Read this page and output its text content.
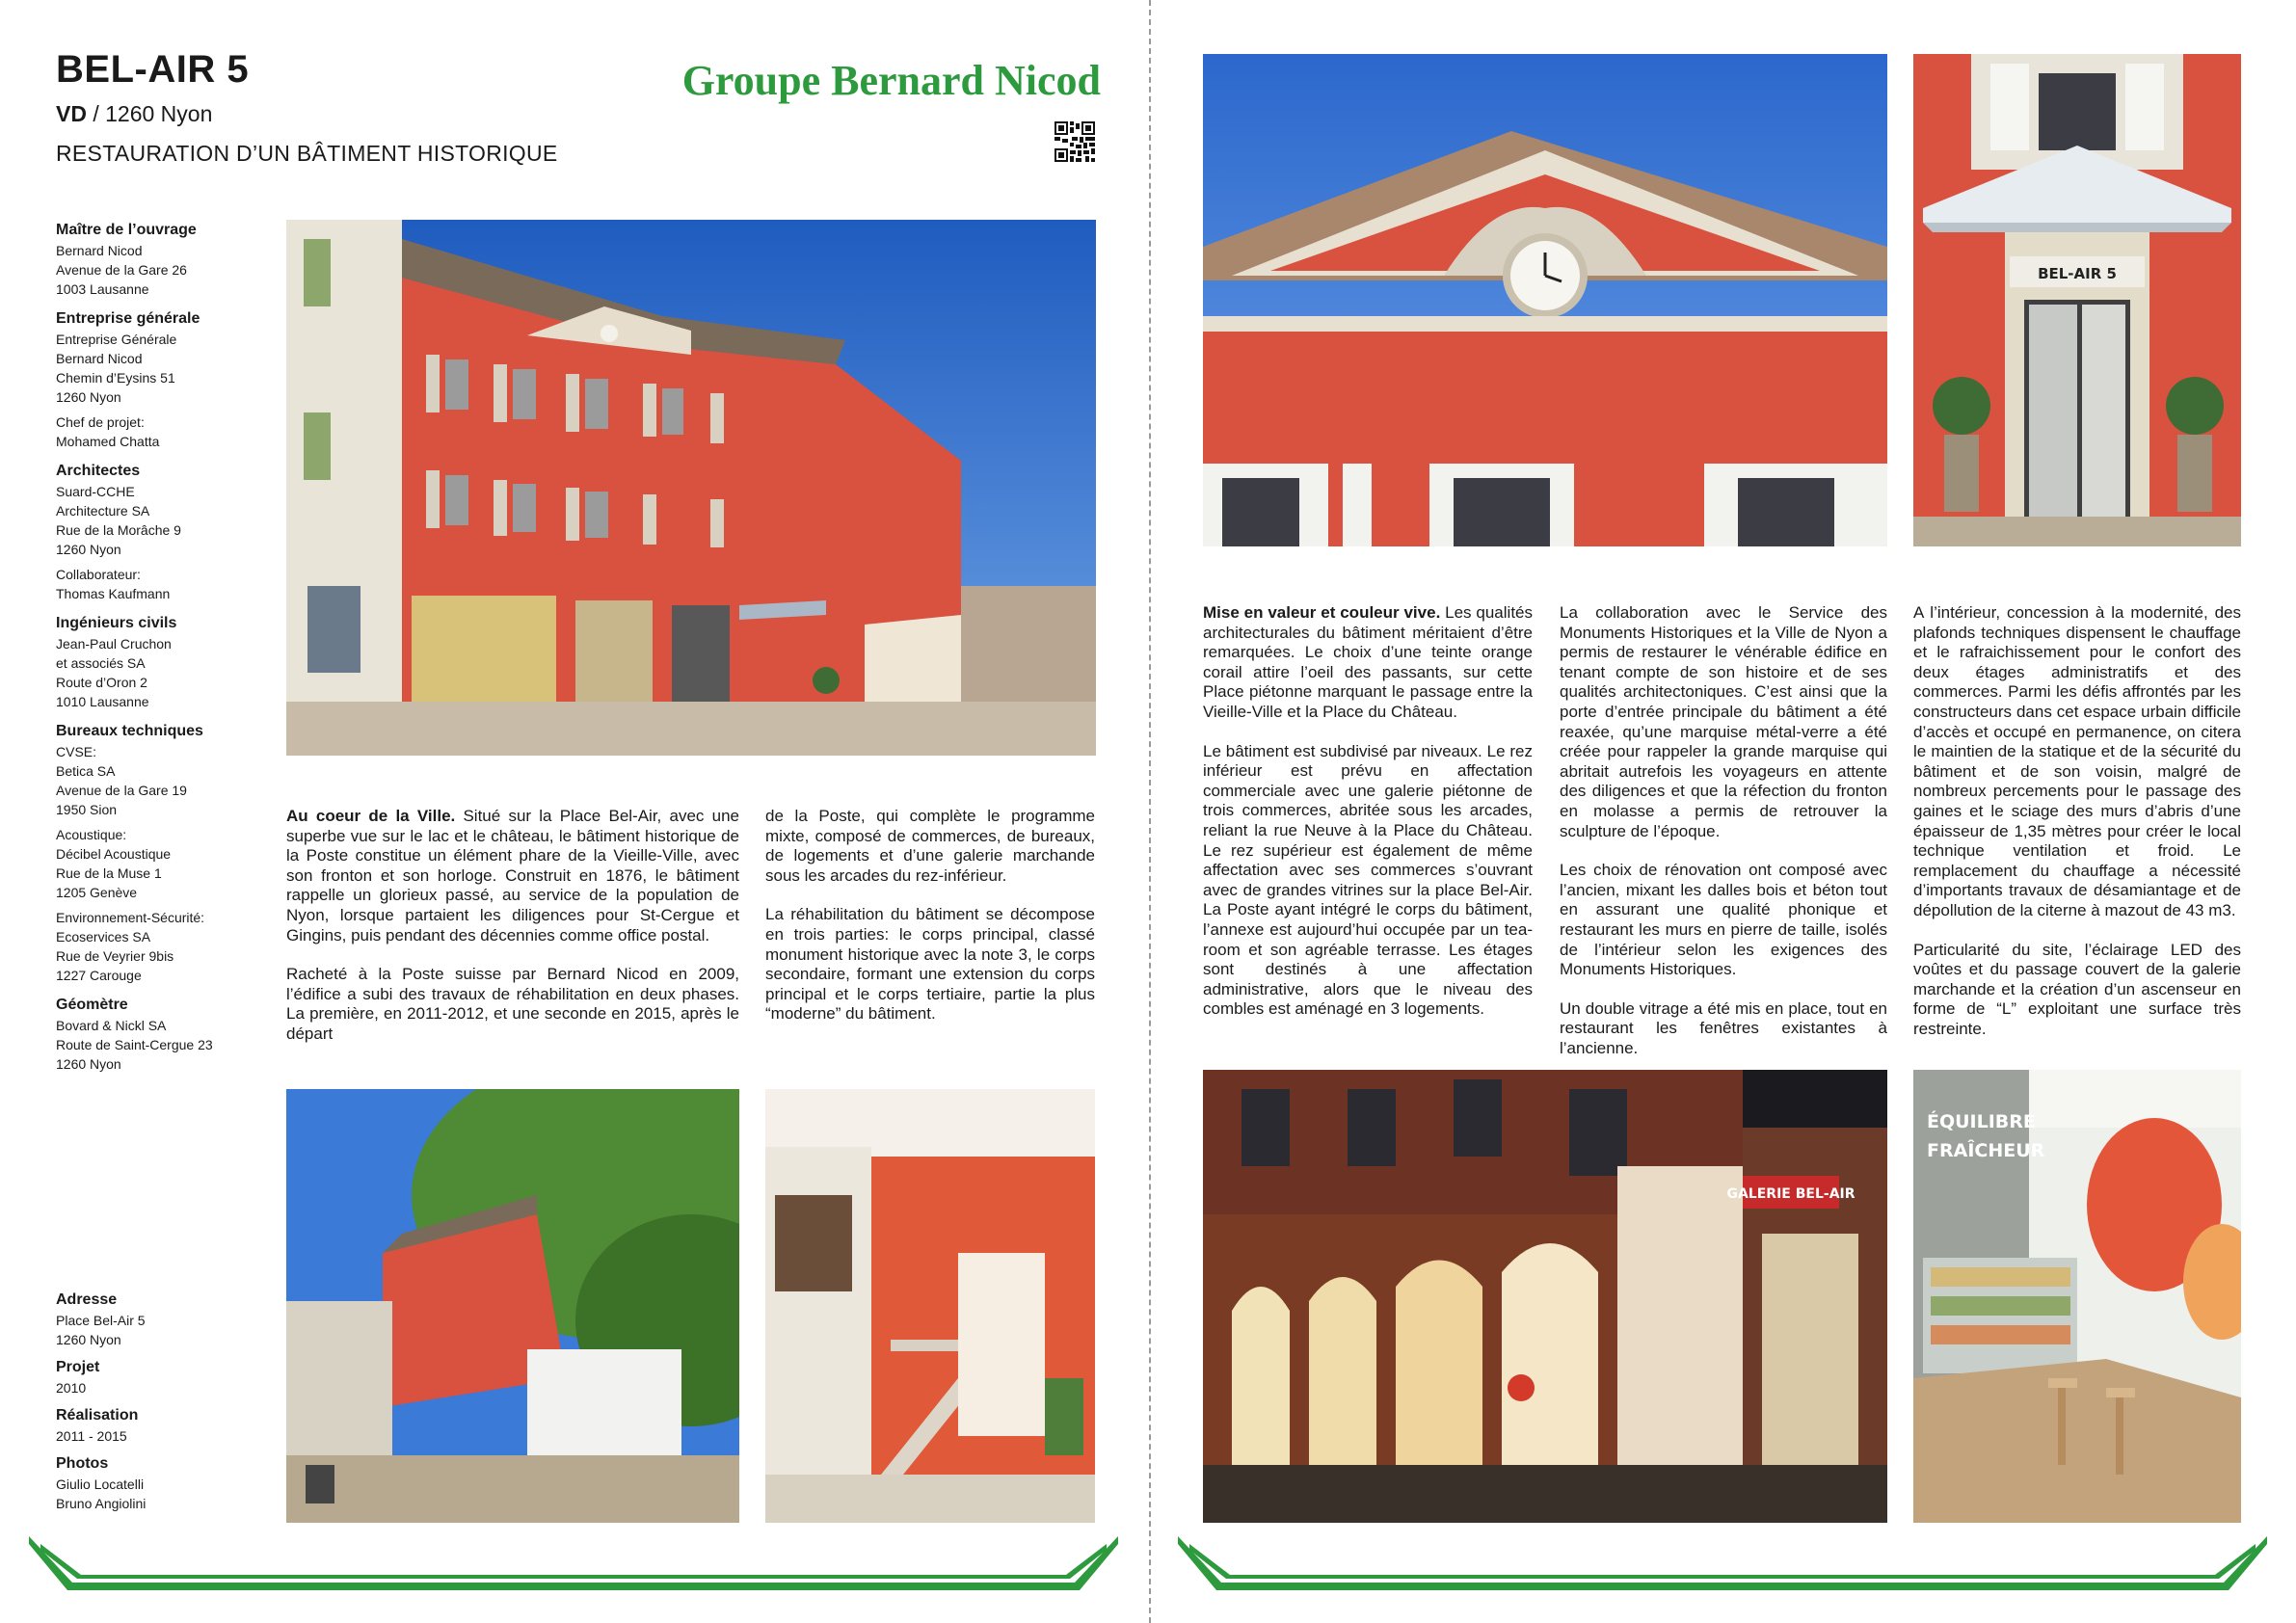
BEL-AIR 5
VD / 1260 Nyon
RESTAURATION D’UN BÂTIMENT HISTORIQUE
Groupe Bernard Nicod
Maître de l’ouvrage
Bernard Nicod
Avenue de la Gare 26
1003 Lausanne
Entreprise générale
Entreprise Générale
Bernard Nicod
Chemin d’Eysins 51
1260 Nyon
Chef de projet:
Mohamed Chatta
Architectes
Suard-CCHE
Architecture SA
Rue de la Morâche 9
1260 Nyon
Collaborateur:
Thomas Kaufmann
Ingénieurs civils
Jean-Paul Cruchon
et associés SA
Route d’Oron 2
1010 Lausanne
Bureaux techniques
CVSE:
Betica SA
Avenue de la Gare 19
1950 Sion
Acoustique:
Décibel Acoustique
Rue de la Muse 1
1205 Genève
Environnement-Sécurité:
Ecoservices SA
Rue de Veyrier 9bis
1227 Carouge
Géomètre
Bovard & Nickl SA
Route de Saint-Cergue 23
1260 Nyon
Adresse
Place Bel-Air 5
1260 Nyon
Projet
2010
Réalisation
2011 - 2015
Photos
Giulio Locatelli
Bruno Angiolini

Au coeur de la Ville. Situé sur la Place Bel-Air, avec une superbe vue sur le lac et le château, le bâtiment historique de la Poste constitue un élément phare de la Vieille-Ville, avec son fronton et son horloge. Construit en 1876, le bâtiment rappelle un glorieux passé, au service de la population de Nyon, lorsque partaient les diligences pour St-Cergue et Gingins, puis pendant des décennies comme office postal.

Racheté à la Poste suisse par Bernard Nicod en 2009, l’édifice a subi des travaux de réhabilitation en deux phases. La première, en 2011-2012, et une seconde en 2015, après le départ

de la Poste, qui complète le programme mixte, composé de commerces, de bureaux, de logements et d’une galerie marchande sous les arcades du rez-inférieur.

La réhabilitation du bâtiment se décompose en trois parties: le corps principal, classé monument historique avec la note 3, le corps secondaire, formant une extension du corps principal et le corps tertiaire, partie la plus “moderne” du bâtiment.

BEL-AIR 5

Mise en valeur et couleur vive. Les qualités architecturales du bâtiment méritaient d’être remarquées. Le choix d’une teinte orange corail attire l’oeil des passants, sur cette Place piétonne marquant le passage entre la Vieille-Ville et la Place du Château.

Le bâtiment est subdivisé par niveaux. Le rez inférieur est prévu en affectation commerciale avec une galerie piétonne de trois commerces, abritée sous les arcades, reliant la rue Neuve à la Place du Château. Le rez supérieur est également de même affectation avec ses commerces s’ouvrant avec de grandes vitrines sur la place Bel-Air. La Poste ayant intégré le corps du bâtiment, l’annexe est aujourd’hui occupée par un tea-room et son agréable terrasse. Les étages sont destinés à une affectation administrative, alors que le niveau des combles est aménagé en 3 logements.

La collaboration avec le Service des Monuments Historiques et la Ville de Nyon a permis de restaurer le vénérable édifice en tenant compte de son histoire et de ses qualités architectoniques. C’est ainsi que la porte d’entrée principale du bâtiment a été reaxée, qu’une marquise métal-verre a été créée pour rappeler la grande marquise qui abritait autrefois les voyageurs en attente des diligences et que la réfection du fronton en molasse a permis de retrouver la sculpture de l’époque.

Les choix de rénovation ont composé avec l’ancien, mixant les dalles bois et béton tout en assurant une qualité phonique et restaurant les murs en pierre de taille, isolés de l’intérieur selon les exigences des Monuments Historiques.

Un double vitrage a été mis en place, tout en restaurant les fenêtres existantes à l’ancienne.

A l’intérieur, concession à la modernité, des plafonds techniques dispensent le chauffage et le rafraichissement pour le confort des deux étages administratifs et des commerces. Parmi les défis affrontés par les constructeurs dans cet espace urbain difficile d’accès et occupé en permanence, on citera le maintien de la statique et de la sécurité du bâtiment et de son voisin, malgré de nombreux percements pour le passage des gaines et le sciage des murs d’abris d’une épaisseur de 1,35 mètres pour créer le local technique ventilation et froid. Le remplacement du chauffage a nécessité d’importants travaux de désamiantage et de dépollution de la citerne à mazout de 43 m3.

Particularité du site, l’éclairage LED des voûtes et du passage couvert de la galerie marchande et la création d’un ascenseur en forme de “L” exploitant une surface très restreinte.

GALERIE BEL-AIR
ÉQUILIBRE
FRAÎCHEUR
